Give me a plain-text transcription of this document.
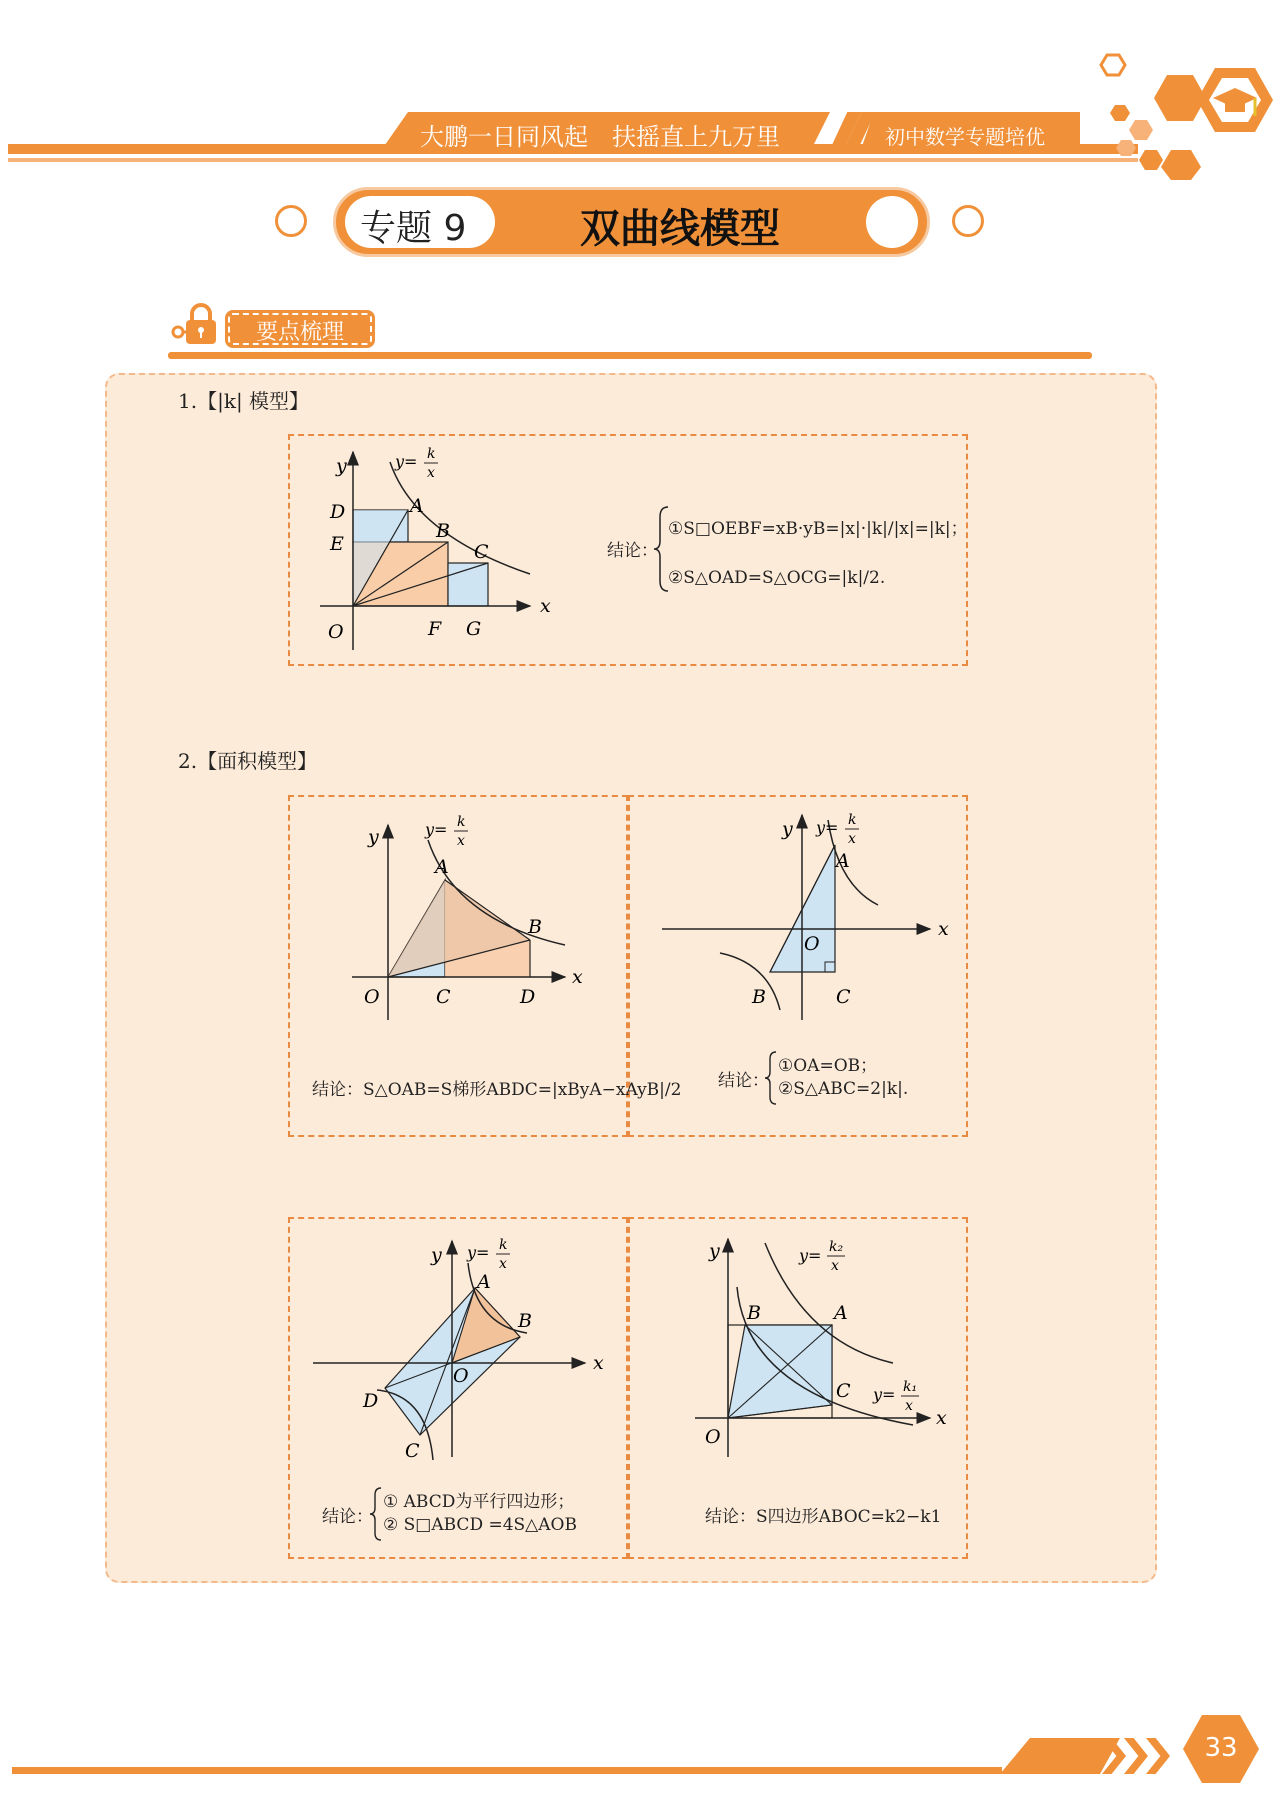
大鹏一日同风起　扶摇直上九万里	初中数学专题培优
专题 9	双曲线模型
要点梳理
1.【|k| 模型】
y
x
O
D
E
A
B
C
F G
y= k
x
结论：
①S□OEBF=xB·yB=|x|·|k|/|x|=|k|；
②S△OAD=S△OCG=|k|/2.
2.【面积模型】
y
x
O
A
B
C	D
y= k
x
结论：S△OAB=S梯形ABDC=|xByA−xAyB|/2
y
x
O
A
B	C
y= k
x
结论：
①OA=OB；
②S△ABC=2|k|.
y
x
O
A
B
D
C
y= k
x
结论：
① ABCD为平行四边形；
② S□ABCD =4S△AOB
y
x
O
B	A
C
y= k₂
x
y= k₁
x
结论：S四边形ABOC=k2−k1
33
